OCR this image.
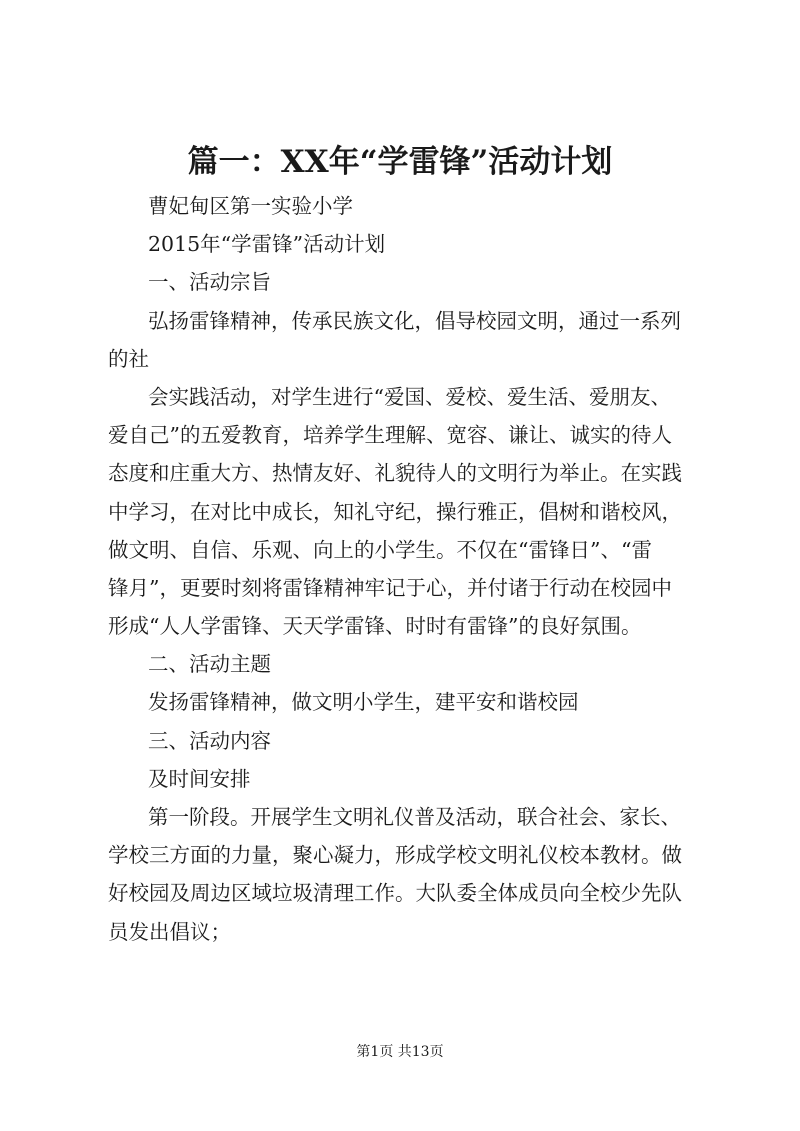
篇一：XX年“学雷锋”活动计划
曹妃甸区第一实验小学
2015年“学雷锋”活动计划
一、活动宗旨
弘扬雷锋精神，传承民族文化，倡导校园文明，通过一系列
的社
会实践活动，对学生进行“爱国、爱校、爱生活、爱朋友、
爱自己”的五爱教育，培养学生理解、宽容、谦让、诚实的待人
态度和庄重大方、热情友好、礼貌待人的文明行为举止。在实践
中学习，在对比中成长，知礼守纪，操行雅正，倡树和谐校风，
做文明、自信、乐观、向上的小学生。不仅在“雷锋日”、“雷
锋月”，更要时刻将雷锋精神牢记于心，并付诸于行动在校园中
形成“人人学雷锋、天天学雷锋、时时有雷锋”的良好氛围。
二、活动主题
发扬雷锋精神，做文明小学生，建平安和谐校园
三、活动内容
及时间安排
第一阶段。开展学生文明礼仪普及活动，联合社会、家长、
学校三方面的力量，聚心凝力，形成学校文明礼仪校本教材。做
好校园及周边区域垃圾清理工作。大队委全体成员向全校少先队
员发出倡议；
第1页 共13页
